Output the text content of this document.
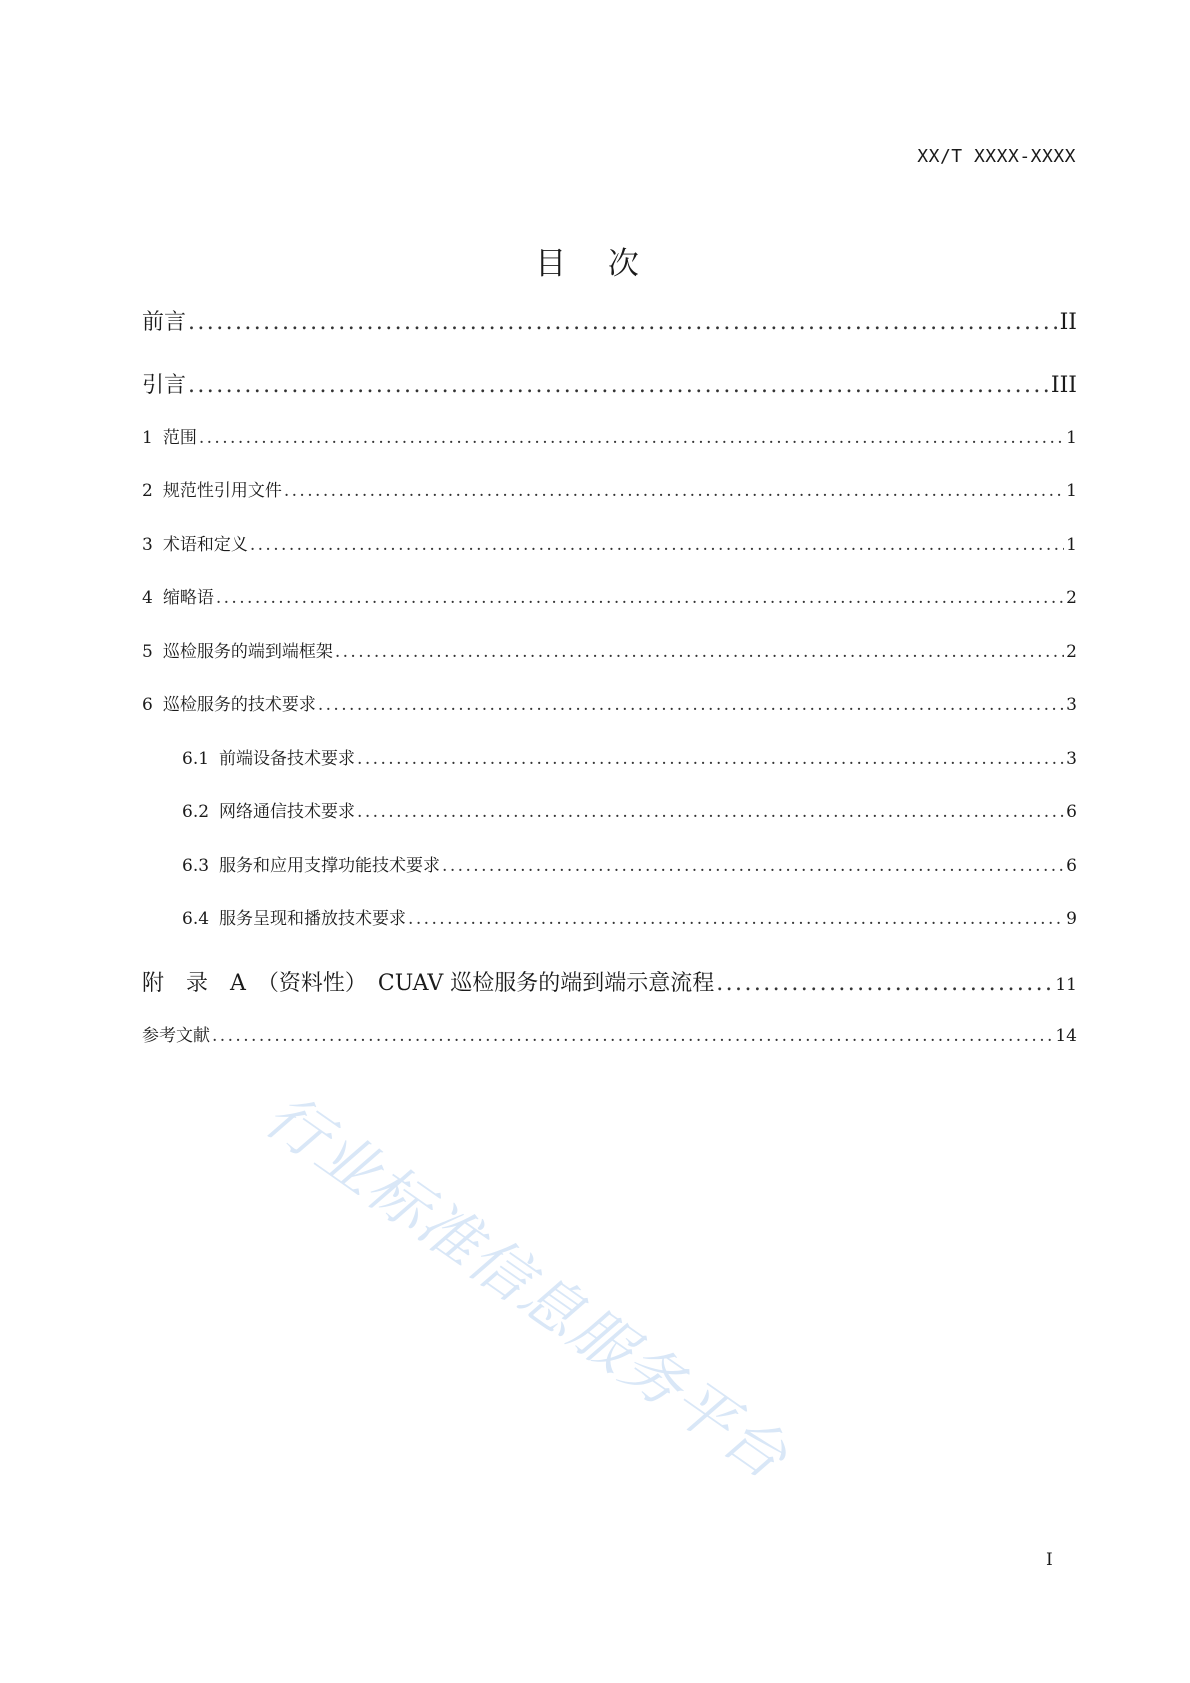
XX/T XXXX-XXXX
目 次
前言 .....	II
引言 .....	III
1 范围 .....	1
2 规范性引用文件 .....	1
3 术语和定义 .....	1
4 缩略语 .....	2
5 巡检服务的端到端框架 .....	2
6 巡检服务的技术要求 .....	3
6.1 前端设备技术要求 .....	3
6.2 网络通信技术要求 .....	6
6.3 服务和应用支撑功能技术要求 .....	6
6.4 服务呈现和播放技术要求 .....	9
附　录　A　（资料性）　CUAV 巡检服务的端到端示意流程 .....	11
参考文献 .....	14
行业标准信息服务平台
I
